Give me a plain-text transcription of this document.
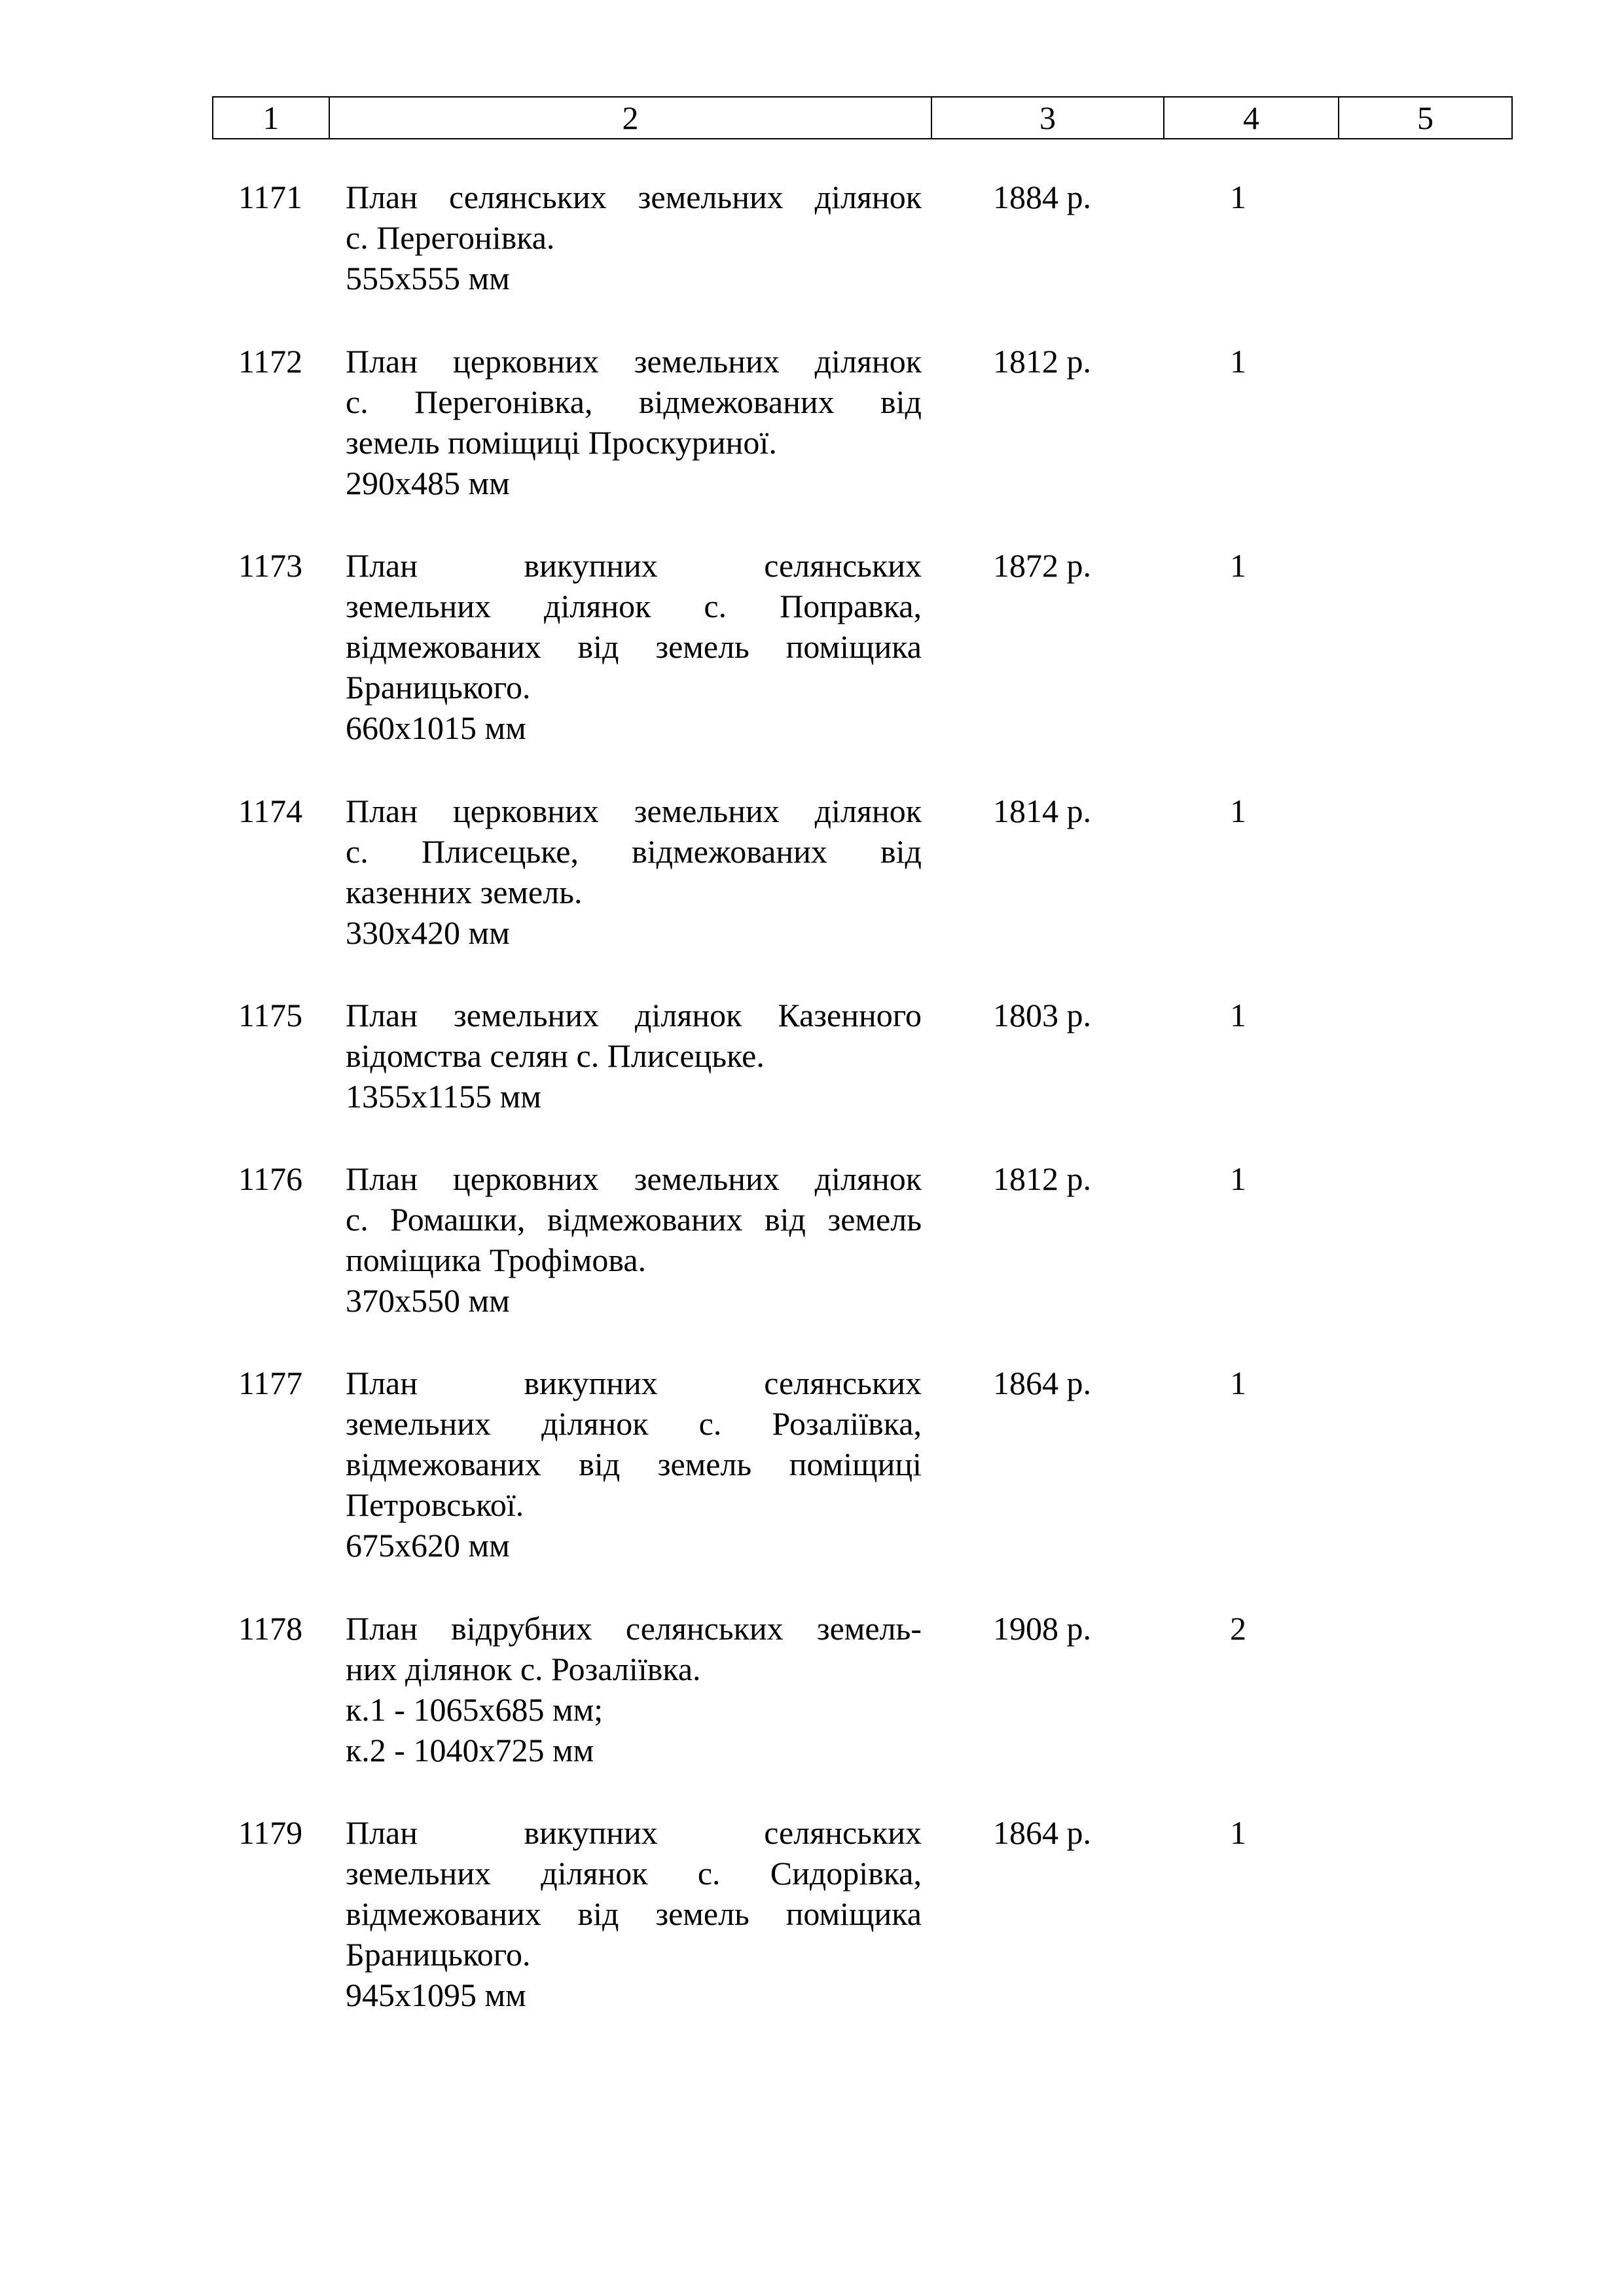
1	2	3	4	5
1171	План селянських земельних ділянок
с. Перегонівка.
555х555 мм
1884 р.	1
1172	План церковних земельних ділянок
с. Перегонівка, відмежованих від
земель поміщиці Проскуриної.
290х485 мм
1812 р.	1
1173	План викупних селянських
земельних ділянок с. Поправка,
відмежованих від земель поміщика
Браницького.
660х1015 мм
1872 р.	1
1174	План церковних земельних ділянок
с. Плисецьке, відмежованих від
казенних земель.
330х420 мм
1814 р.	1
1175	План земельних ділянок Казенного
відомства селян с. Плисецьке.
1355х1155 мм
1803 р.	1
1176	План церковних земельних ділянок
с. Ромашки, відмежованих від земель
поміщика Трофімова.
370х550 мм
1812 р.	1
1177	План викупних селянських
земельних ділянок с. Розаліївка,
відмежованих від земель поміщиці
Петровської.
675х620 мм
1864 р.	1
1178	План відрубних селянських земель-
них ділянок с. Розаліївка.
к.1 - 1065х685 мм;
к.2 - 1040х725 мм
1908 р.	2
1179	План викупних селянських
земельних ділянок с. Сидорівка,
відмежованих від земель поміщика
Браницького.
945х1095 мм
1864 р.	1
